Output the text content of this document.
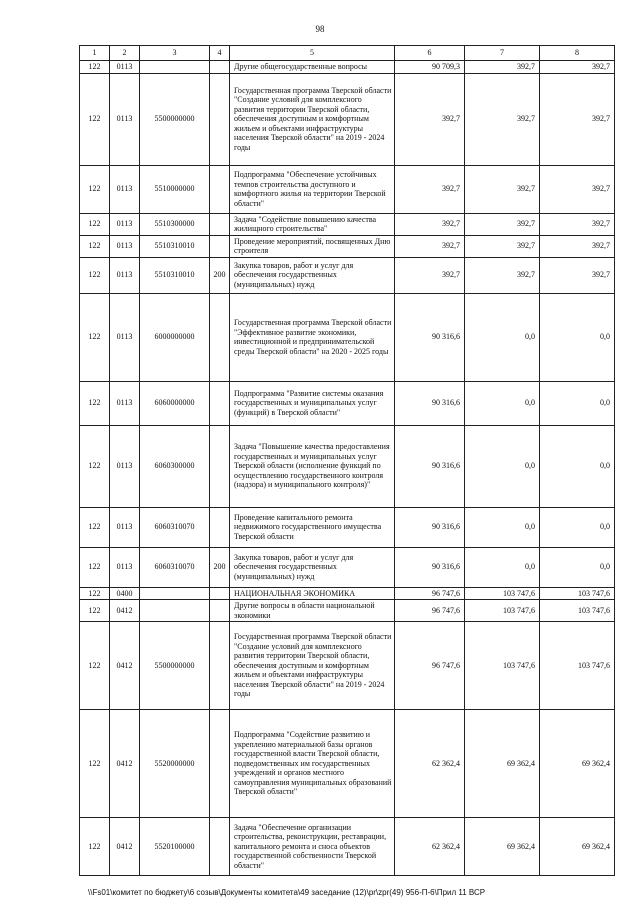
98
1	2	3	4	5	6	7	8
122	0113			Другие общегосударственные вопросы	90 709,3	392,7	392,7
122	0113	5500000000		Государственная программа Тверской области "Создание условий для комплексного развития территории Тверской области, обеспечения доступным и комфортным жильем и объектами инфраструктуры населения Тверской области" на 2019 - 2024 годы	392,7	392,7	392,7
122	0113	5510000000		Подпрограмма "Обеспечение устойчивых темпов строительства доступного и комфортного жилья на территории Тверской области"	392,7	392,7	392,7
122	0113	5510300000		Задача "Содействие повышению качества жилищного строительства"	392,7	392,7	392,7
122	0113	5510310010		Проведение мероприятий, посвященных Дню строителя	392,7	392,7	392,7
122	0113	5510310010	200	Закупка товаров, работ и услуг для обеспечения государственных (муниципальных) нужд	392,7	392,7	392,7
122	0113	6000000000		Государственная программа Тверской области "Эффективное развитие экономики, инвестиционной и предпринимательской среды Тверской области" на 2020 - 2025 годы	90 316,6	0,0	0,0
122	0113	6060000000		Подпрограмма "Развитие системы оказания государственных и муниципальных услуг (функций) в Тверской области"	90 316,6	0,0	0,0
122	0113	6060300000		Задача "Повышение качества предоставления государственных и муниципальных услуг Тверской области (исполнение функций по осуществлению государственного контроля (надзора) и муниципального контроля)"	90 316,6	0,0	0,0
122	0113	6060310070		Проведение капитального ремонта недвижимого государственного имущества Тверской области	90 316,6	0,0	0,0
122	0113	6060310070	200	Закупка товаров, работ и услуг для обеспечения государственных (муниципальных) нужд	90 316,6	0,0	0,0
122	0400			НАЦИОНАЛЬНАЯ ЭКОНОМИКА	96 747,6	103 747,6	103 747,6
122	0412			Другие вопросы в области национальной экономики	96 747,6	103 747,6	103 747,6
122	0412	5500000000		Государственная программа Тверской области "Создание условий для комплексного развития территории Тверской области, обеспечения доступным и комфортным жильем и объектами инфраструктуры населения Тверской области" на 2019 - 2024 годы	96 747,6	103 747,6	103 747,6
122	0412	5520000000		Подпрограмма "Содействие развитию и укреплению материальной базы органов государственной власти Тверской области, подведомственных им государственных учреждений и органов местного самоуправления муниципальных образований Тверской области"	62 362,4	69 362,4	69 362,4
122	0412	5520100000		Задача "Обеспечение организации строительства, реконструкции, реставрации, капитального ремонта и сноса объектов государственной собственности Тверской области"	62 362,4	69 362,4	69 362,4
\\Fs01\комитет по бюджету\6 созыв\Документы комитета\49 заседание (12)\pr\zpr(49) 956-П-6\Прил 11 ВСР
